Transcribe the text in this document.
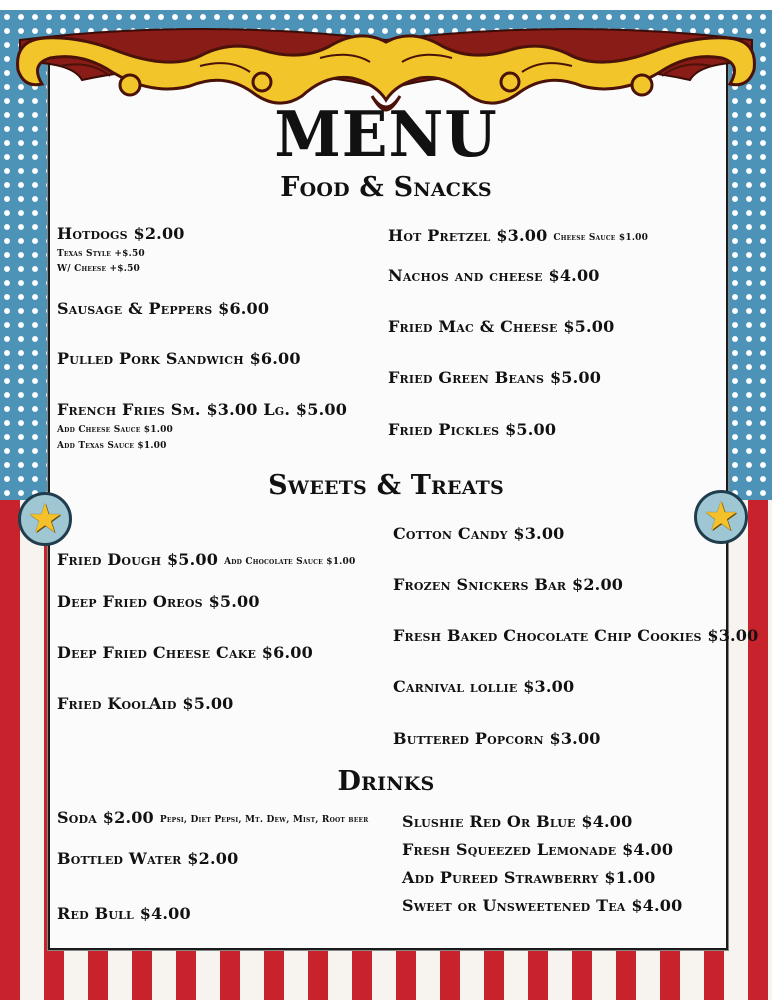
★	★
MENU
Food & Snacks
Sweets & Treats
Drinks
Hotdogs $2.00
Texas Style +$.50
W/ Cheese +$.50
Sausage & Peppers $6.00
Pulled Pork Sandwich $6.00
French Fries Sm. $3.00 Lg. $5.00
Add Cheese Sauce $1.00
Add Texas Sauce $1.00
Hot Pretzel $3.00 Cheese Sauce $1.00
Nachos and cheese $4.00
Fried Mac & Cheese $5.00
Fried Green Beans $5.00
Fried Pickles $5.00
Fried Dough $5.00 Add Chocolate Sauce $1.00
Deep Fried Oreos $5.00
Deep Fried Cheese Cake $6.00
Fried KoolAid $5.00
Cotton Candy $3.00
Frozen Snickers Bar $2.00
Fresh Baked Chocolate Chip Cookies $3.00
Carnival lollie $3.00
Buttered Popcorn $3.00
Soda $2.00 Pepsi, Diet Pepsi, Mt. Dew, Mist, Root beer
Bottled Water $2.00
Red Bull $4.00
Slushie Red Or Blue $4.00
Fresh Squeezed Lemonade $4.00
Add Pureed Strawberry $1.00
Sweet or Unsweetened Tea $4.00
